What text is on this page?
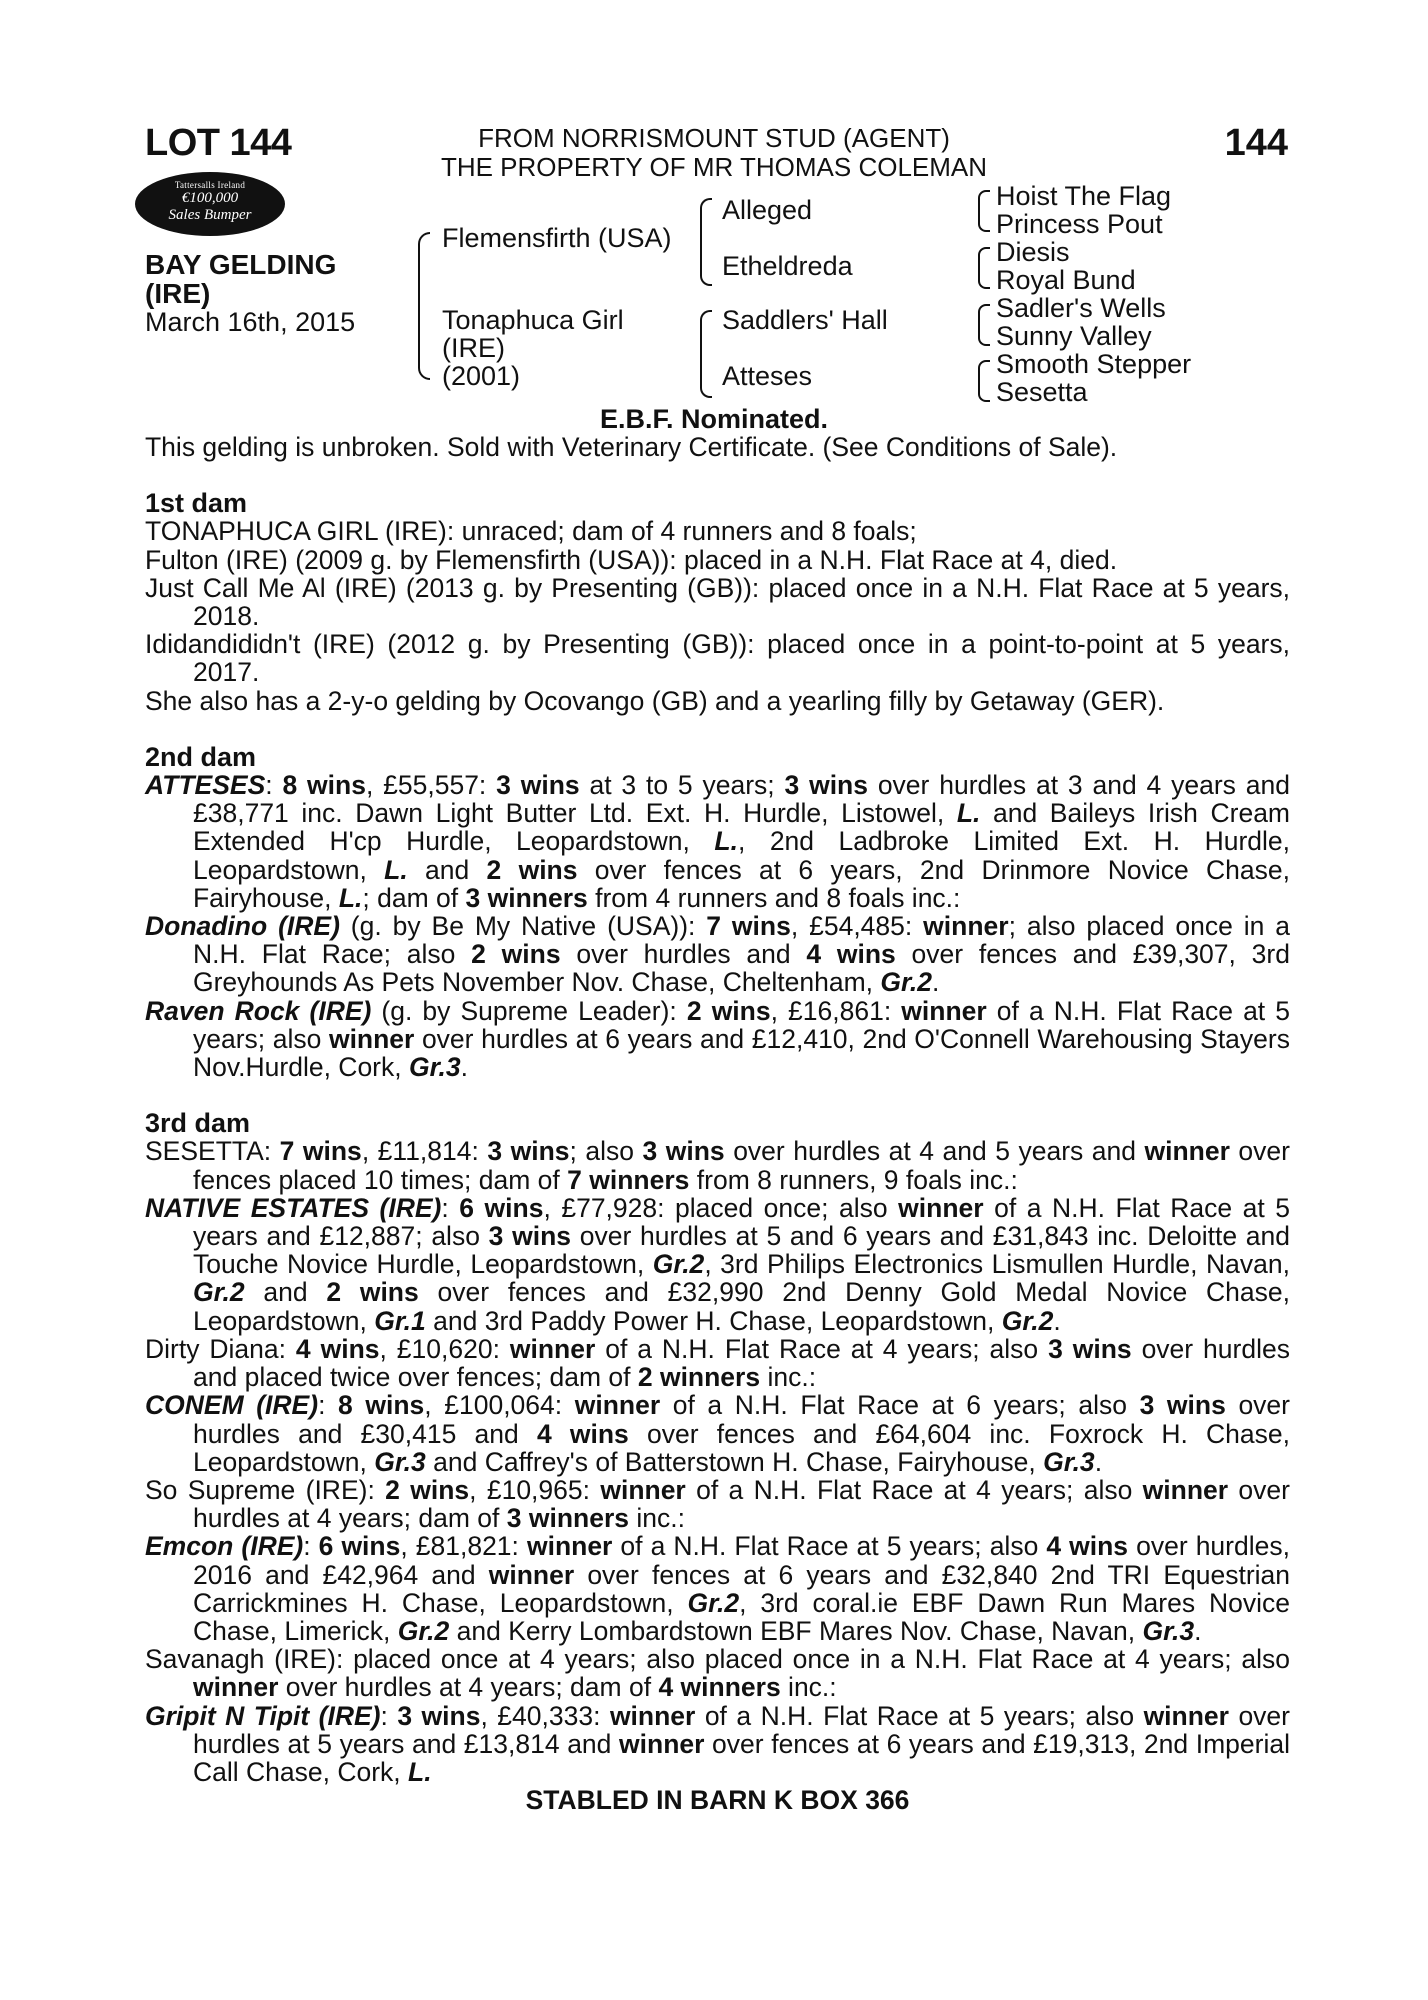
LOT 144	144
FROM NORRISMOUNT STUD (AGENT)
THE PROPERTY OF MR THOMAS COLEMAN
Tattersalls Ireland
€100,000
Sales Bumper
BAY GELDING
(IRE)
March 16th, 2015
Flemensfirth (USA)
Tonaphuca Girl
(IRE)
(2001)
Alleged
Etheldreda
Saddlers' Hall
Atteses
Hoist The Flag
Princess Pout
Diesis
Royal Bund
Sadler's Wells
Sunny Valley
Smooth Stepper
Sesetta
E.B.F. Nominated.

This gelding is unbroken. Sold with Veterinary Certificate. (See Conditions of Sale).

1st dam

TONAPHUCA GIRL (IRE): unraced; dam of 4 runners and 8 foals;

Fulton (IRE) (2009 g. by Flemensfirth (USA)): placed in a N.H. Flat Race at 4, died.

Just Call Me Al (IRE) (2013 g. by Presenting (GB)): placed once in a N.H. Flat Race at 5 years, 2018.

Ididandididn't (IRE) (2012 g. by Presenting (GB)): placed once in a point-to-point at 5 years, 2017.

She also has a 2-y-o gelding by Ocovango (GB) and a yearling filly by Getaway (GER).

2nd dam

ATTESES: 8 wins, £55,557: 3 wins at 3 to 5 years; 3 wins over hurdles at 3 and 4 years and £38,771 inc. Dawn Light Butter Ltd. Ext. H. Hurdle, Listowel, L. and Baileys Irish Cream Extended H'cp Hurdle, Leopardstown, L., 2nd Ladbroke Limited Ext. H. Hurdle, Leopardstown, L. and 2 wins over fences at 6 years, 2nd Drinmore Novice Chase, Fairyhouse, L.; dam of 3 winners from 4 runners and 8 foals inc.:

Donadino (IRE) (g. by Be My Native (USA)): 7 wins, £54,485: winner; also placed once in a N.H. Flat Race; also 2 wins over hurdles and 4 wins over fences and £39,307, 3rd Greyhounds As Pets November Nov. Chase, Cheltenham, Gr.2.

Raven Rock (IRE) (g. by Supreme Leader): 2 wins, £16,861: winner of a N.H. Flat Race at 5 years; also winner over hurdles at 6 years and £12,410, 2nd O'Connell Warehousing Stayers Nov.Hurdle, Cork, Gr.3.

3rd dam

SESETTA: 7 wins, £11,814: 3 wins; also 3 wins over hurdles at 4 and 5 years and winner over fences placed 10 times; dam of 7 winners from 8 runners, 9 foals inc.:

NATIVE ESTATES (IRE): 6 wins, £77,928: placed once; also winner of a N.H. Flat Race at 5 years and £12,887; also 3 wins over hurdles at 5 and 6 years and £31,843 inc. Deloitte and Touche Novice Hurdle, Leopardstown, Gr.2, 3rd Philips Electronics Lismullen Hurdle, Navan, Gr.2 and 2 wins over fences and £32,990 2nd Denny Gold Medal Novice Chase, Leopardstown, Gr.1 and 3rd Paddy Power H. Chase, Leopardstown, Gr.2.

Dirty Diana: 4 wins, £10,620: winner of a N.H. Flat Race at 4 years; also 3 wins over hurdles and placed twice over fences; dam of 2 winners inc.:

CONEM (IRE): 8 wins, £100,064: winner of a N.H. Flat Race at 6 years; also 3 wins over hurdles and £30,415 and 4 wins over fences and £64,604 inc. Foxrock H. Chase, Leopardstown, Gr.3 and Caffrey's of Batterstown H. Chase, Fairyhouse, Gr.3.

So Supreme (IRE): 2 wins, £10,965: winner of a N.H. Flat Race at 4 years; also winner over hurdles at 4 years; dam of 3 winners inc.:

Emcon (IRE): 6 wins, £81,821: winner of a N.H. Flat Race at 5 years; also 4 wins over hurdles, 2016 and £42,964 and winner over fences at 6 years and £32,840 2nd TRI Equestrian Carrickmines H. Chase, Leopardstown, Gr.2, 3rd coral.ie EBF Dawn Run Mares Novice Chase, Limerick, Gr.2 and Kerry Lombardstown EBF Mares Nov. Chase, Navan, Gr.3.

Savanagh (IRE): placed once at 4 years; also placed once in a N.H. Flat Race at 4 years; also winner over hurdles at 4 years; dam of 4 winners inc.:

Gripit N Tipit (IRE): 3 wins, £40,333: winner of a N.H. Flat Race at 5 years; also winner over hurdles at 5 years and £13,814 and winner over fences at 6 years and £19,313, 2nd Imperial Call Chase, Cork, L.

STABLED IN BARN K BOX 366
